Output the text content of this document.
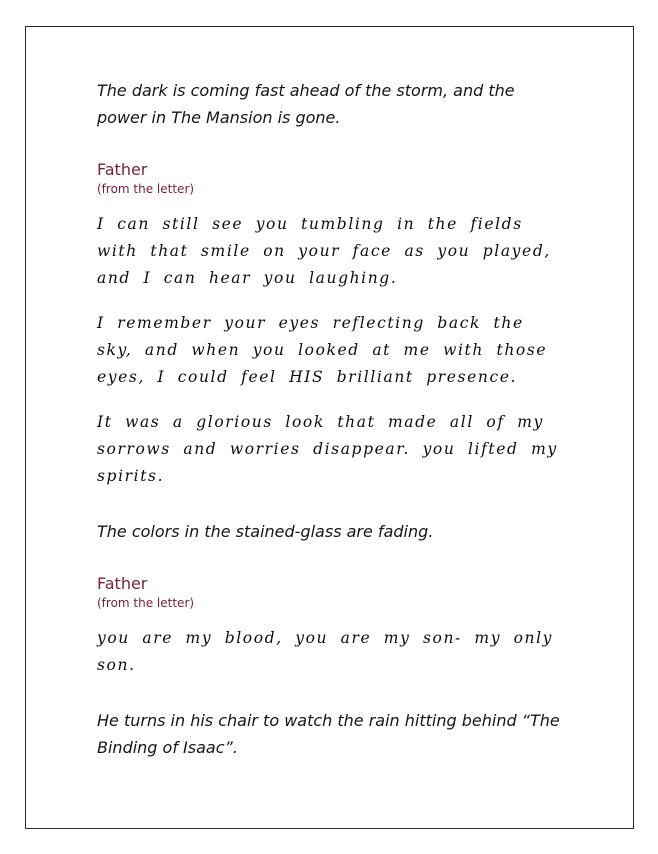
The dark is coming fast ahead of the storm, and the power in The Mansion is gone.

Father

(from the letter)

I can still see you tumbling in the fields with that smile on your face as you played, and I can hear you laughing.

I remember your eyes reflecting back the sky, and when you looked at me with those eyes, I could feel HIS brilliant presence.

It was a glorious look that made all of my sorrows and worries disappear. you lifted my spirits.

The colors in the stained-glass are fading.

Father

(from the letter)

you are my blood, you are my son- my only son.

He turns in his chair to watch the rain hitting behind “The Binding of Isaac”.
